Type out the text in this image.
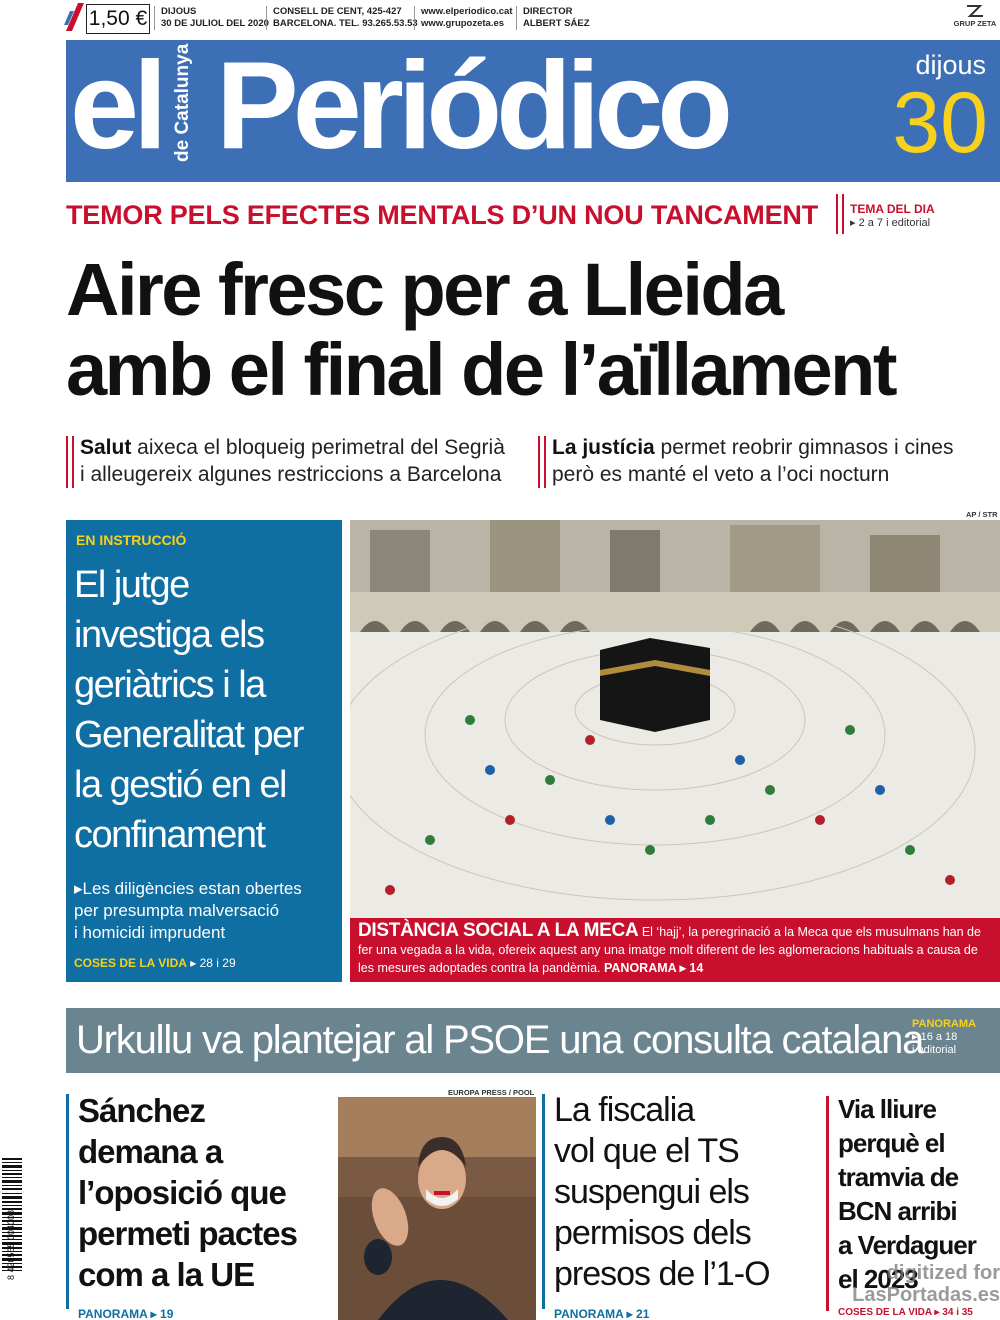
1,50 € DIJOUS
30 DE JULIOL DEL 2020
CONSELL DE CENT, 425-427
BARCELONA. TEL. 93.265.53.53
www.elperiodico.cat
www.grupozeta.es
DIRECTOR
ALBERT SÁEZ	GRUP ZETA
el de Catalunya Periódico	dijous
30
TEMOR PELS EFECTES MENTALS D’UN NOU TANCAMENT	TEMA DEL DIA
▸ 2 a 7 i editorial
Aire fresc per a Lleida
amb el final de l’aïllament
Salut aixeca el bloqueig perimetral del Segrià
i alleugereix algunes restriccions a Barcelona
La justícia permet reobrir gimnasos i cines
però es manté el veto a l’oci nocturn
EN INSTRUCCIÓ
El jutge
investiga els
geriàtrics i la
Generalitat per
la gestió en el
confinament
▸Les diligències estan obertes
per presumpta malversació
i homicidi imprudent
COSES DE LA VIDA ▸ 28 i 29
AP / STR
DISTÀNCIA SOCIAL A LA MECA El ‘hajj’, la peregrinació a la Meca que els musulmans han de fer una vegada a la vida, ofereix aquest any una imatge molt diferent de les aglomeracions habituals a causa de les mesures adoptades contra la pandèmia. PANORAMA ▸ 14
Urkullu va plantejar al PSOE una consulta catalana
PANORAMA
▸ 16 a 18
i editorial
Sánchez
demana a
l’oposició que
permeti pactes
com a la UE
PANORAMA ▸ 19
EUROPA PRESS / POOL La fiscalia
vol que el TS
suspengui els
permisos dels
presos de l’1-O
PANORAMA ▸ 21
Via lliure
perquè el
tramvia de
BCN arribi
a Verdaguer
el 2023
COSES DE LA VIDA ▸ 34 i 35
8 420565 004008	digitized for
LasPortadas.es
